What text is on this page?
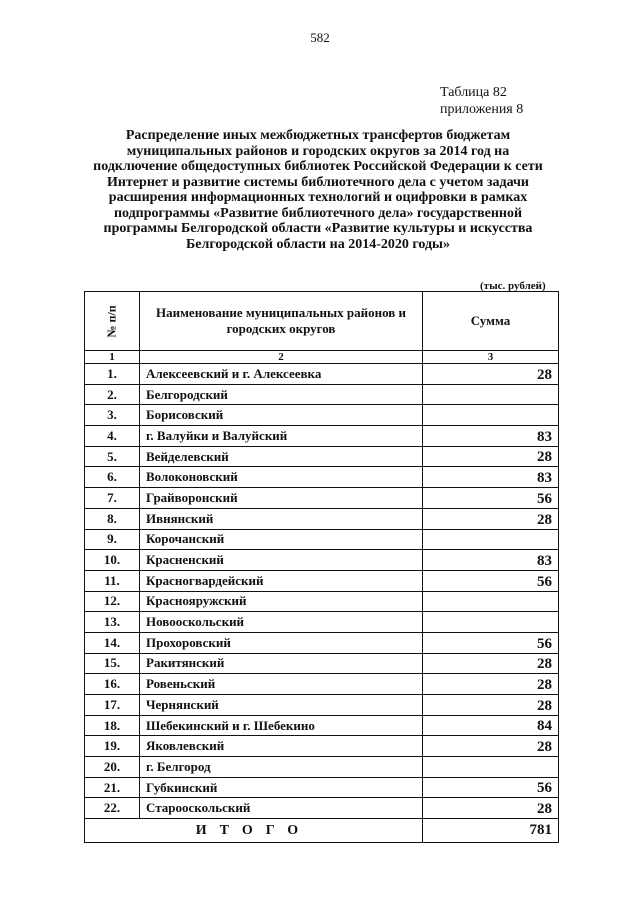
582
Таблица 82
приложения 8

Распределение иных межбюджетных трансфертов бюджетам муниципальных районов и городских округов за 2014 год на подключение общедоступных библиотек Российской Федерации к сети Интернет и развитие системы библиотечного дела с учетом задачи расширения информационных технологий и оцифровки в рамках подпрограммы «Развитие библиотечного дела» государственной программы Белгородской области «Развитие культуры и искусства Белгородской области на 2014-2020 годы»

(тыс. рублей)
№ п/п	Наименование муниципальных районов и городских округов	Сумма
1	2	3
1.	Алексеевский и г. Алексеевка	28
2.	Белгородский	
3.	Борисовский	
4.	г. Валуйки и Валуйский	83
5.	Вейделевский	28
6.	Волоконовский	83
7.	Грайворонский	56
8.	Ивнянский	28
9.	Корочанский	
10.	Красненский	83
11.	Красногвардейский	56
12.	Краснояружский	
13.	Новооскольский	
14.	Прохоровский	56
15.	Ракитянский	28
16.	Ровеньский	28
17.	Чернянский	28
18.	Шебекинский и г. Шебекино	84
19.	Яковлевский	28
20.	г. Белгород	
21.	Губкинский	56
22.	Старооскольский	28
ИТОГО		781
